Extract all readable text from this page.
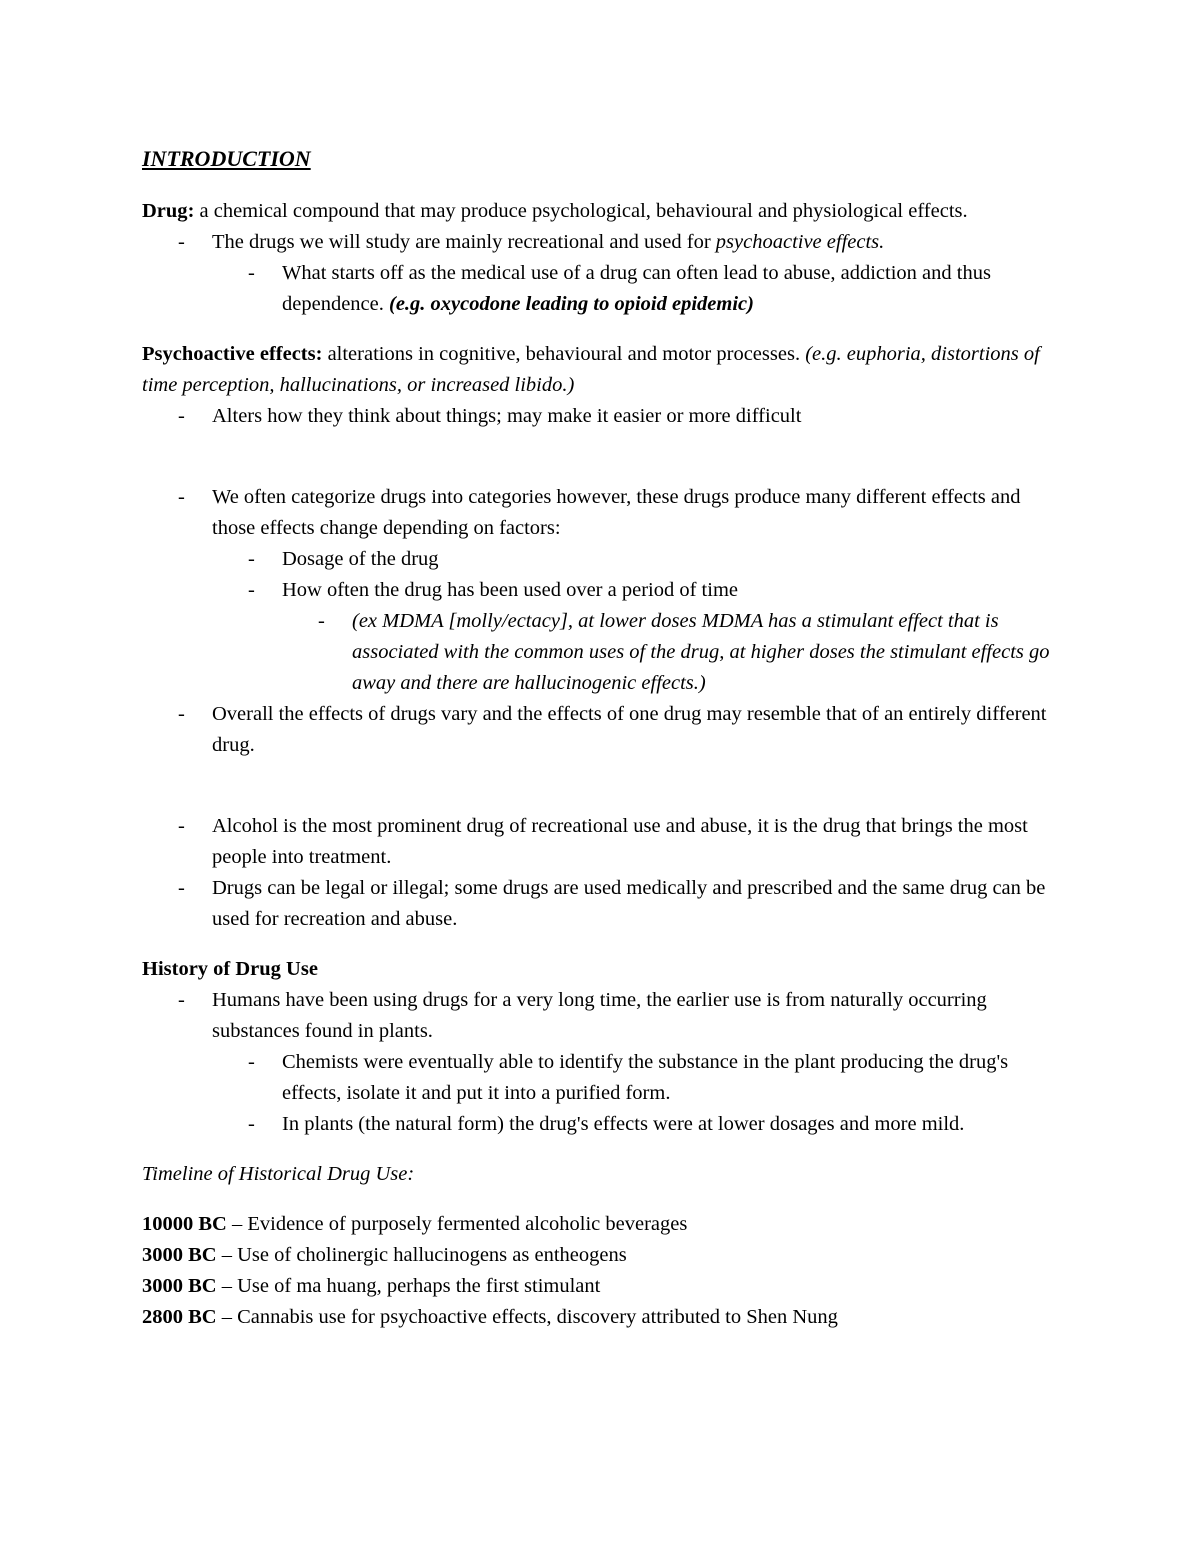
INTRODUCTION

Drug: a chemical compound that may produce psychological, behavioural and physiological effects.

- The drugs we will study are mainly recreational and used for psychoactive effects.
- What starts off as the medical use of a drug can often lead to abuse, addiction and thus dependence. (e.g. oxycodone leading to opioid epidemic)

Psychoactive effects: alterations in cognitive, behavioural and motor processes. (e.g. euphoria, distortions of time perception, hallucinations, or increased libido.)

- Alters how they think about things; may make it easier or more difficult
- We often categorize drugs into categories however, these drugs produce many different effects and those effects change depending on factors:
- Dosage of the drug
- How often the drug has been used over a period of time
- (ex MDMA [molly/ectacy], at lower doses MDMA has a stimulant effect that is associated with the common uses of the drug, at higher doses the stimulant effects go away and there are hallucinogenic effects.)
- Overall the effects of drugs vary and the effects of one drug may resemble that of an entirely different drug.
- Alcohol is the most prominent drug of recreational use and abuse, it is the drug that brings the most people into treatment.
- Drugs can be legal or illegal; some drugs are used medically and prescribed and the same drug can be used for recreation and abuse.

History of Drug Use

- Humans have been using drugs for a very long time, the earlier use is from naturally occurring substances found in plants.
- Chemists were eventually able to identify the substance in the plant producing the drug's effects, isolate it and put it into a purified form.
- In plants (the natural form) the drug's effects were at lower dosages and more mild.

Timeline of Historical Drug Use:

10000 BC – Evidence of purposely fermented alcoholic beverages

3000 BC – Use of cholinergic hallucinogens as entheogens

3000 BC – Use of ma huang, perhaps the first stimulant

2800 BC – Cannabis use for psychoactive effects, discovery attributed to Shen Nung
